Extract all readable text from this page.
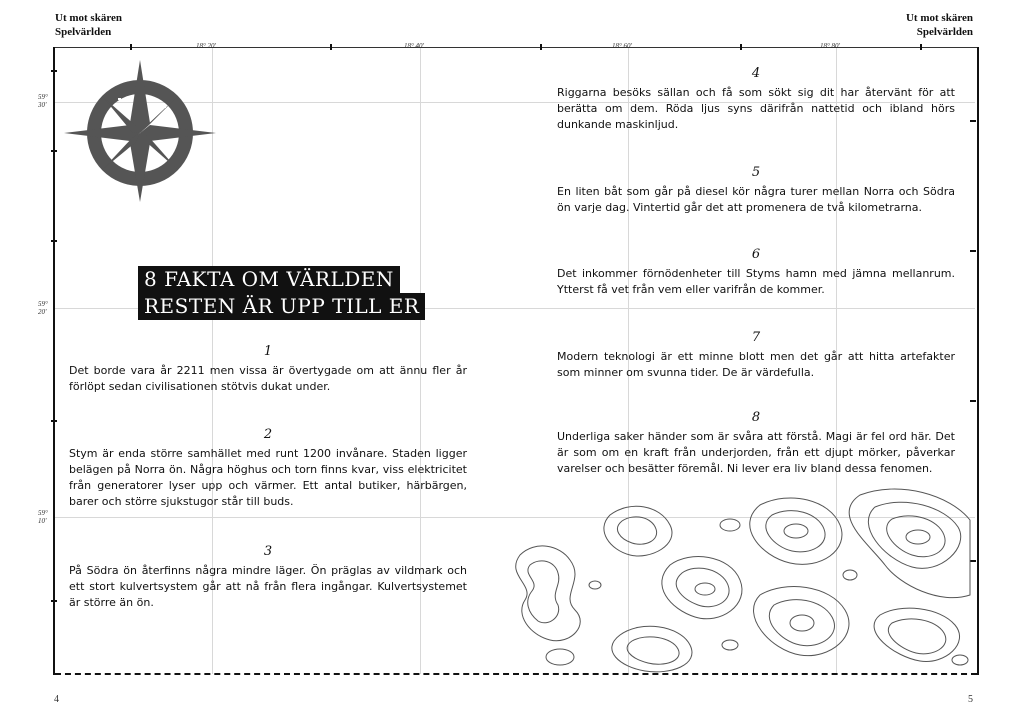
Ut mot skären
Spelvärlden
Ut mot skären
Spelvärlden
18° 20'	18° 40'	18° 60'	18° 80'
59°
30'
59°
20'
59°
10'
8 FAKTA OM VÄRLDEN
RESTEN ÄR UPP TILL ER
1
Det borde vara år 2211 men vissa är övertygade om att ännu fler år förlöpt sedan civilisationen stötvis dukat under.
2
Stym är enda större samhället med runt 1200 invånare. Staden ligger belägen på Norra ön. Några höghus och torn finns kvar, viss elektricitet från generatorer lyser upp och värmer. Ett antal butiker, härbärgen, barer och större sjukstugor står till buds.
3
På Södra ön återfinns några mindre läger. Ön präglas av vildmark och ett stort kulvertsystem går att nå från flera ingångar. Kulvertsystemet är större än ön.
4
Riggarna besöks sällan och få som sökt sig dit har återvänt för att berätta om dem. Röda ljus syns därifrån nattetid och ibland hörs dunkande maskinljud.
5
En liten båt som går på diesel kör några turer mellan Norra och Södra ön varje dag. Vintertid går det att promenera de två kilometrarna.
6
Det inkommer förnödenheter till Styms hamn med jämna mellanrum. Ytterst få vet från vem eller varifrån de kommer.
7
Modern teknologi är ett minne blott men det går att hitta artefakter som minner om svunna tider. De är värdefulla.
8
Underliga saker händer som är svåra att förstå. Magi är fel ord här. Det är som om en kraft från underjorden, från ett djupt mörker, påverkar varelser och besätter föremål. Ni lever era liv bland dessa fenomen.
4	5
